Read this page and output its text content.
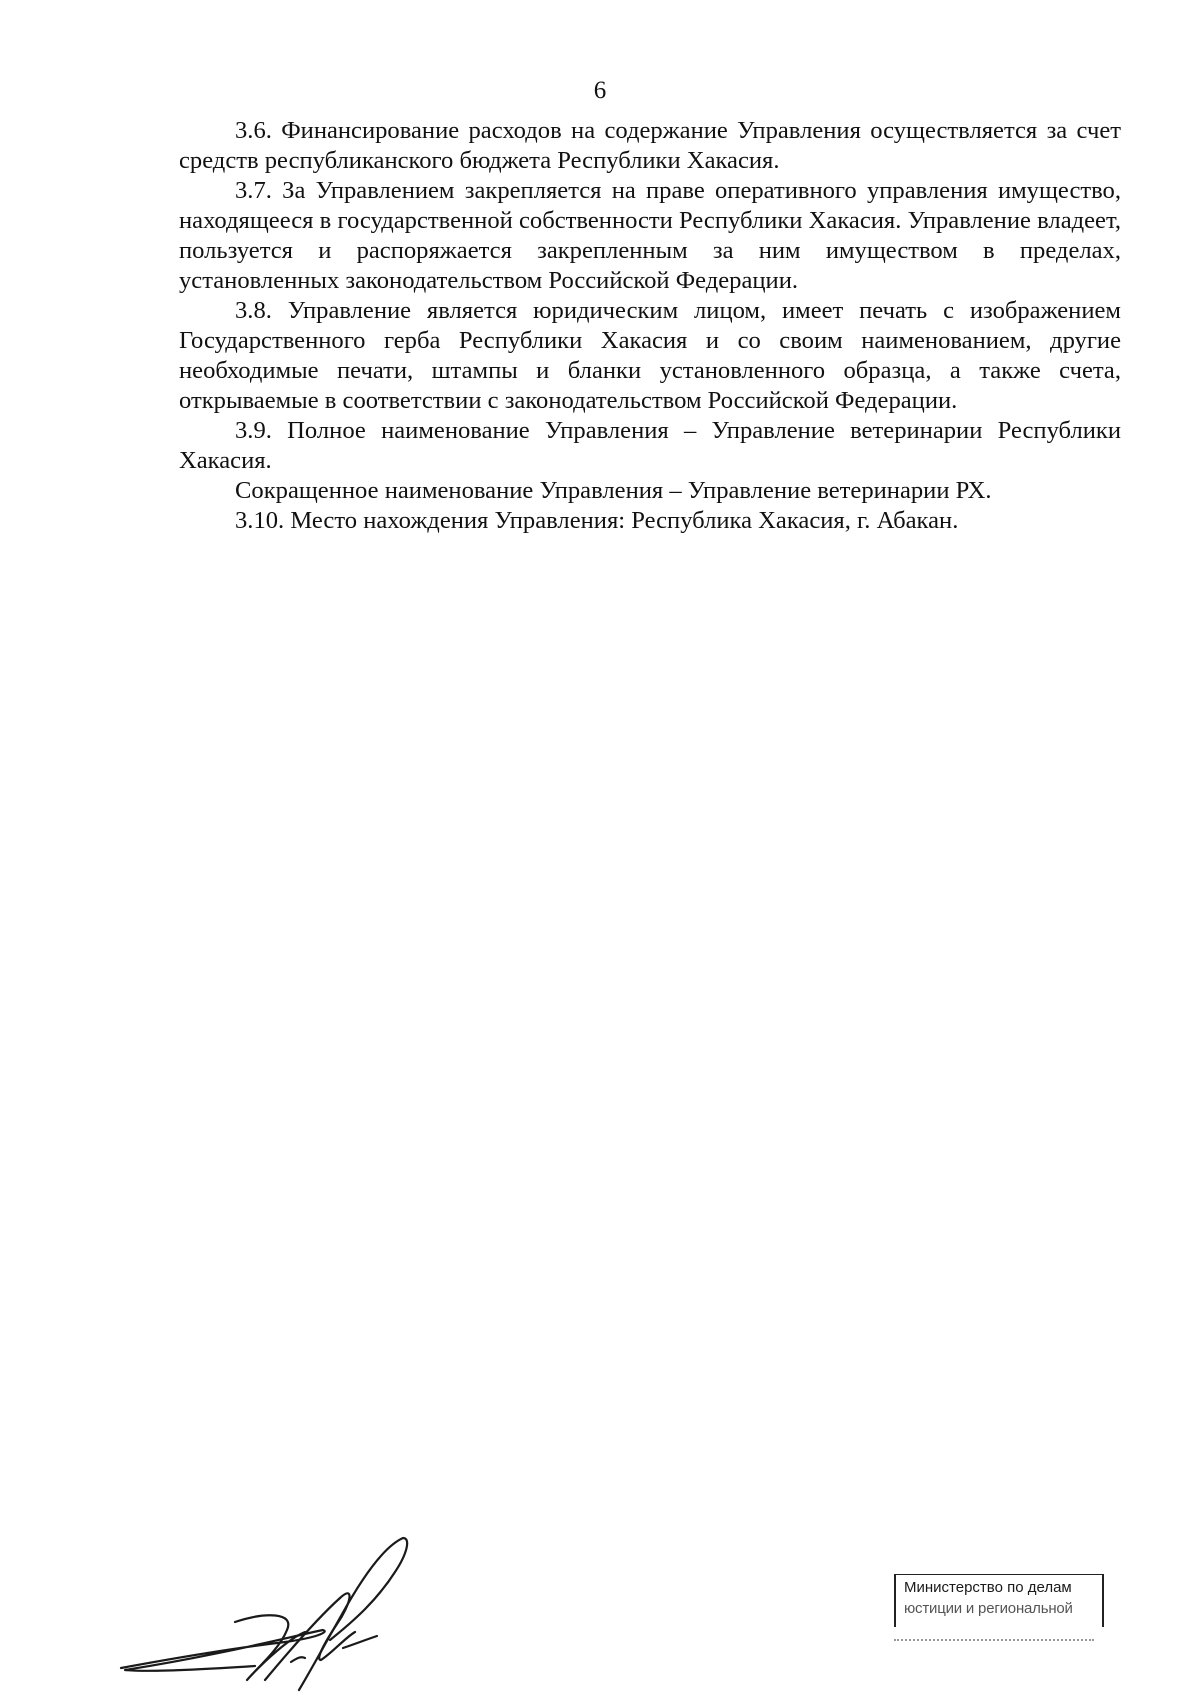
6

3.6. Финансирование расходов на содержание Управления осуществляется за счет средств республиканского бюджета Республики Хакасия.

3.7. За Управлением закрепляется на праве оперативного управления имущество, находящееся в государственной собственности Республики Хакасия. Управление владеет, пользуется и распоряжается закрепленным за ним имуществом в пределах, установленных законодательством Российской Федерации.

3.8. Управление является юридическим лицом, имеет печать с изображением Государственного герба Республики Хакасия и со своим наименованием, другие необходимые печати, штампы и бланки установленного образца, а также счета, открываемые в соответствии с законодательством Российской Федерации.

3.9. Полное наименование Управления – Управление ветеринарии Республики Хакасия.

Сокращенное наименование Управления – Управление ветеринарии РХ.

3.10. Место нахождения Управления: Республика Хакасия, г. Абакан.

Министерство по делам
юстиции и региональной
